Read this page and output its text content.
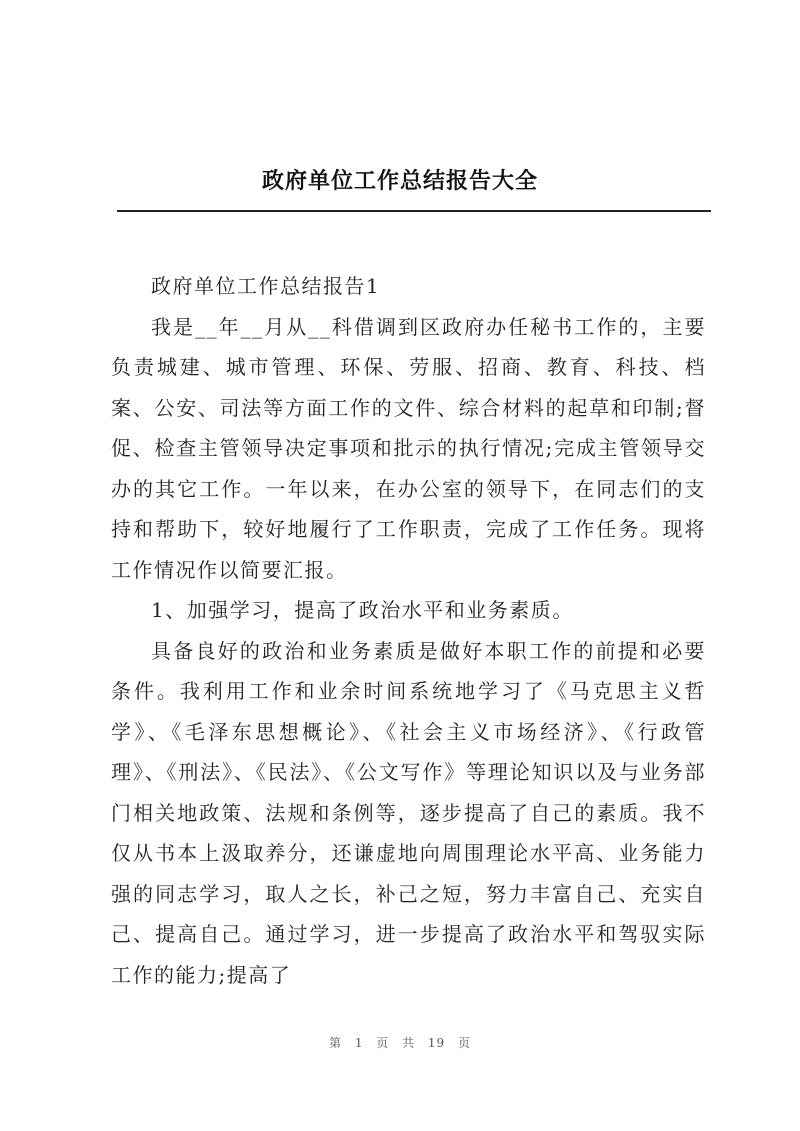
政府单位工作总结报告大全

政府单位工作总结报告1

我是__年__月从__科借调到区政府办任秘书工作的，主要负责城建、城市管理、环保、劳服、招商、教育、科技、档案、公安、司法等方面工作的文件、综合材料的起草和印制;督促、检查主管领导决定事项和批示的执行情况;完成主管领导交办的其它工作。一年以来，在办公室的领导下，在同志们的支持和帮助下，较好地履行了工作职责，完成了工作任务。现将工作情况作以简要汇报。

1、加强学习，提高了政治水平和业务素质。

具备良好的政治和业务素质是做好本职工作的前提和必要条件。我利用工作和业余时间系统地学习了《马克思主义哲学》、《毛泽东思想概论》、《社会主义市场经济》、《行政管理》、《刑法》、《民法》、《公文写作》等理论知识以及与业务部门相关地政策、法规和条例等，逐步提高了自己的素质。我不仅从书本上汲取养分，还谦虚地向周围理论水平高、业务能力强的同志学习，取人之长，补己之短，努力丰富自己、充实自己、提高自己。通过学习，进一步提高了政治水平和驾驭实际工作的能力;提高了

第 1 页 共 19 页
